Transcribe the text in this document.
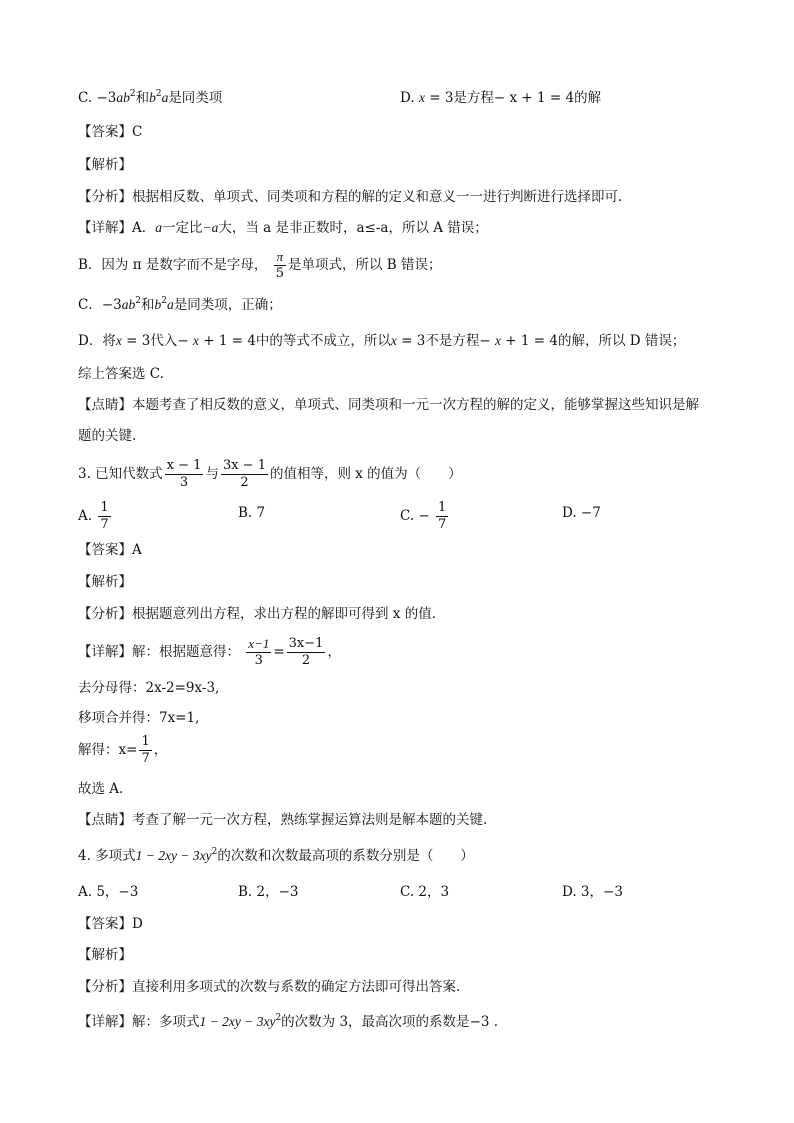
C. $-3ab^2$和$b^2a$是同类项	D. x = 3是方程− x + 1 = 4的解
【答案】C
【解析】
【分析】根据相反数、单项式、同类项和方程的解的定义和意义一一进行判断进行选择即可.
【详解】A．a一定比−a大，当 a 是非正数时，a≤-a，所以 A 错误；
B．因为 π 是数字而不是字母， $\frac{\pi}{5}$ 是单项式，所以 B 错误；
C．$-3ab^2$和$b^2a$是同类项，正确；
D．将x = 3代入− x + 1 = 4中的等式不成立，所以x = 3不是方程− x + 1 = 4的解，所以 D 错误；
综上答案选 C.
【点睛】本题考查了相反数的意义，单项式、同类项和一元一次方程的解的定义，能够掌握这些知识是解
题的关键.
3. 已知代数式 $\frac{x - 1}{3}$ 与 $\frac{3x - 1}{2}$ 的值相等，则 x 的值为（　　）
A. $\frac{1}{7}$	B. 7	C. − $\frac{1}{7}$	D. −7
【答案】A
【解析】
【分析】根据题意列出方程，求出方程的解即可得到 x 的值.
【详解】解：根据题意得： $\frac{x-1}{3} = \frac{3x-1}{2}$ ，
去分母得：2x-2=9x-3,
移项合并得：7x=1,
解得：$x= \frac{1}{7}$ ，
故选 A.
【点睛】考查了解一元一次方程，熟练掌握运算法则是解本题的关键.
4. 多项式$1 - 2xy - 3xy^2$的次数和次数最高项的系数分别是（　　）
A. 5，−3	B. 2，−3	C. 2，3	D. 3，−3
【答案】D
【解析】
【分析】直接利用多项式的次数与系数的确定方法即可得出答案.
【详解】解：多项式$1 - 2xy - 3xy^2$的次数为 3，最高次项的系数是−3 .
